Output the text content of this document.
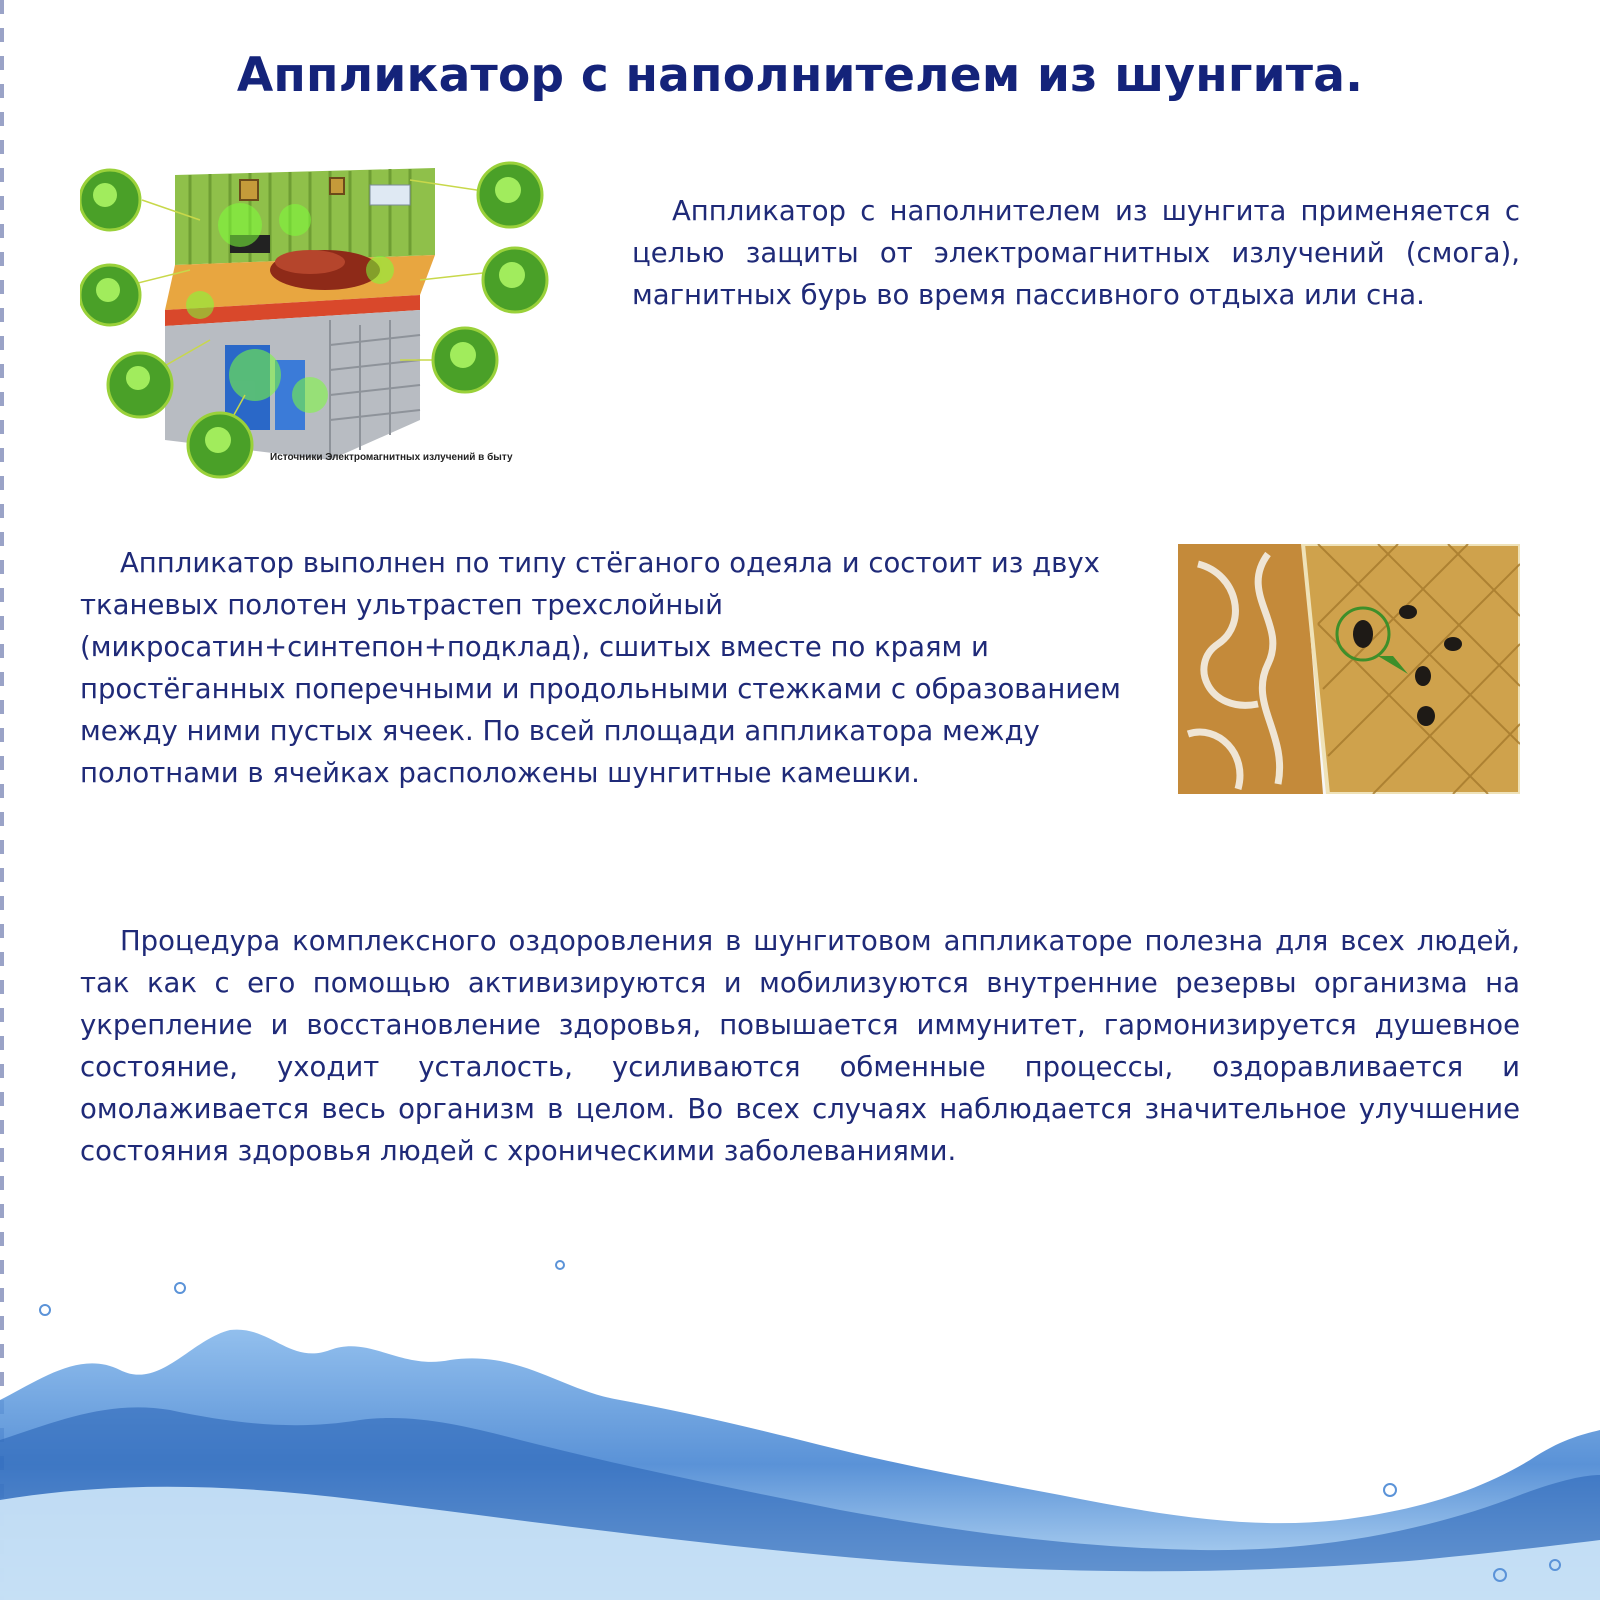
Аппликатор с наполнителем из шунгита.
Источники Электромагнитных излучений в быту

Аппликатор с наполнителем из шунгита применяется с целью защиты от электромагнитных излучений (смога), магнитных бурь во время пассивного отдыха или сна.

Аппликатор выполнен по типу стёганого одеяла и состоит из двух тканевых полотен ультрастеп трехслойный (микросатин+синтепон+подклад), сшитых вместе по краям и простёганных поперечными и продольными стежками с образованием между ними пустых ячеек. По всей площади аппликатора между полотнами в ячейках расположены шунгитные камешки.

Процедура комплексного оздоровления в шунгитовом аппликаторе полезна для всех людей, так как с его помощью активизируются и мобилизуются внутренние резервы организма на укрепление и восстановление здоровья, повышается иммунитет, гармонизируется душевное состояние, уходит усталость, усиливаются обменные процессы, оздоравливается и омолаживается весь организм в целом. Во всех случаях наблюдается значительное улучшение состояния здоровья людей с хроническими заболеваниями.
